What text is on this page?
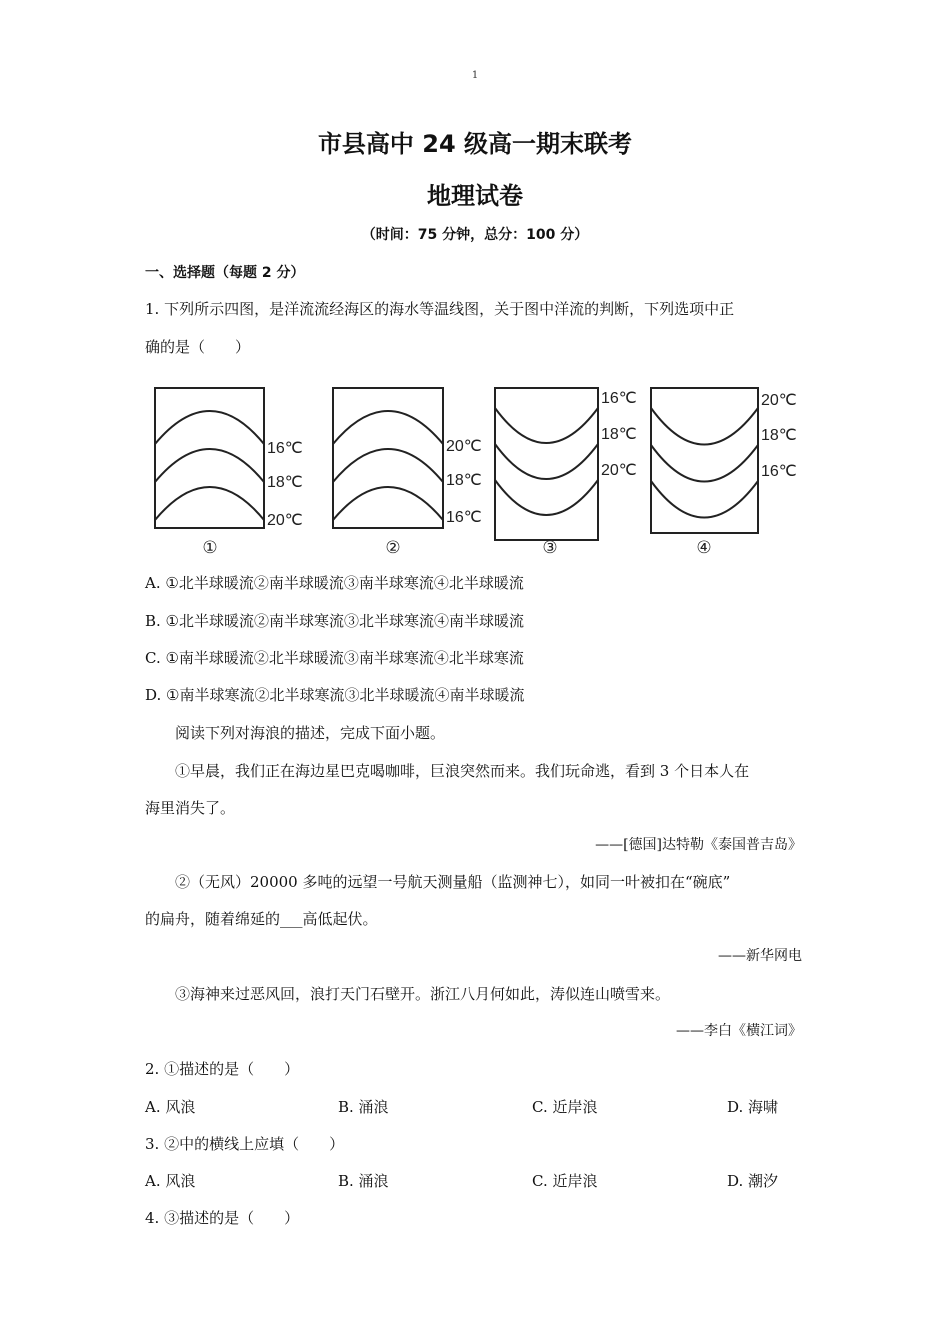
1
市县高中 24 级高一期末联考
地理试卷
（时间：75 分钟，总分：100 分）
一、选择题（每题 2 分）
1. 下列所示四图，是洋流流经海区的海水等温线图，关于图中洋流的判断，下列选项中正
确的是（　　）
16℃
18℃
20℃
20℃
18℃
16℃
16℃
18℃
20℃
20℃
18℃
16℃
①	②	③	④
A. ①北半球暖流②南半球暖流③南半球寒流④北半球暖流
B. ①北半球暖流②南半球寒流③北半球寒流④南半球暖流
C. ①南半球暖流②北半球暖流③南半球寒流④北半球寒流
D. ①南半球寒流②北半球寒流③北半球暖流④南半球暖流
阅读下列对海浪的描述，完成下面小题。
①早晨，我们正在海边星巴克喝咖啡，巨浪突然而来。我们玩命逃，看到 3 个日本人在
海里消失了。
——[德国]达特勒《泰国普吉岛》
②（无风）20000 多吨的远望一号航天测量船（监测神七），如同一叶被扣在“碗底”
的扁舟，随着绵延的___高低起伏。
——新华网电
③海神来过恶风回，浪打天门石壁开。浙江八月何如此，涛似连山喷雪来。
——李白《横江词》
2. ①描述的是（　　）
A. 风浪	B. 涌浪	C. 近岸浪	D. 海啸
3. ②中的横线上应填（　　）
A. 风浪	B. 涌浪	C. 近岸浪	D. 潮汐
4. ③描述的是（　　）
